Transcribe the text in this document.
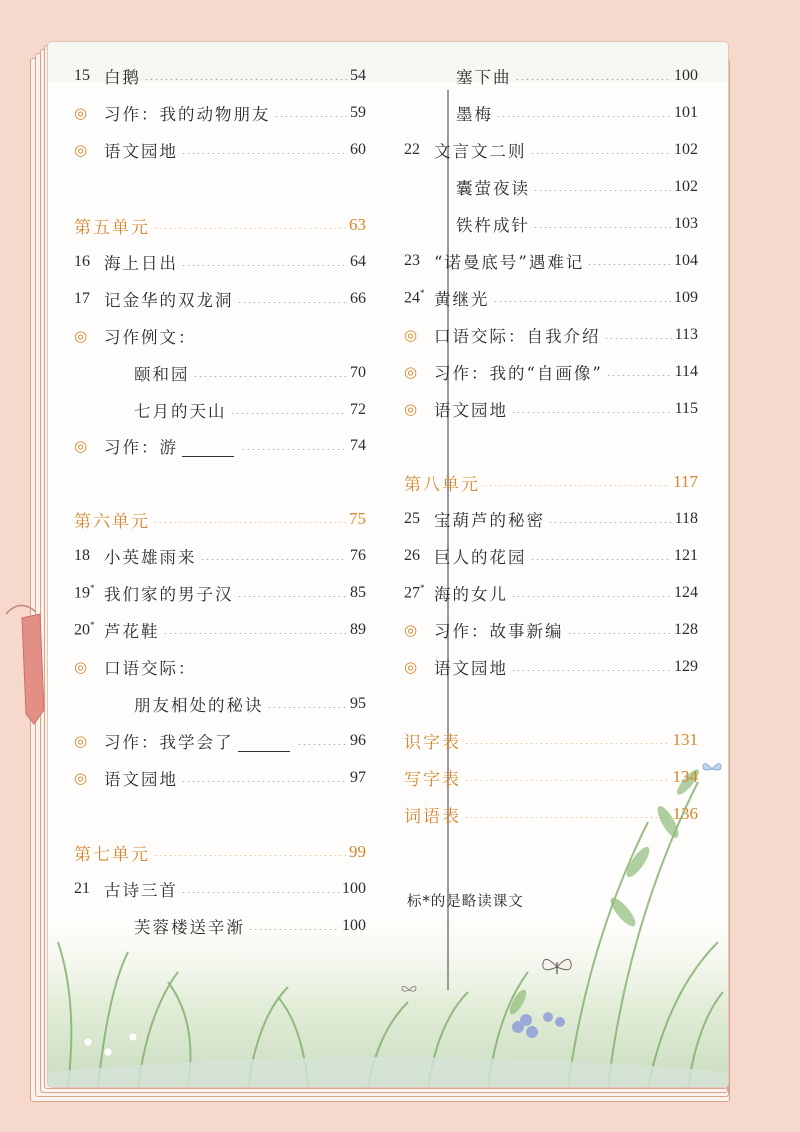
15 白鹅	54
◎	习作：我的动物朋友	59
◎	语文园地	60
第五单元	63
16 海上日出	64
17 记金华的双龙洞	66
◎	习作例文：
颐和园	70
七月的天山	72
◎	习作：游	74
第六单元	75
18 小英雄雨来	76
19* 我们家的男子汉	85
20* 芦花鞋	89
◎	口语交际：
朋友相处的秘诀	95
◎	习作：我学会了	96
◎	语文园地	97
第七单元	99
21 古诗三首	100
芙蓉楼送辛渐	100
塞下曲	100
墨梅	101
22 文言文二则	102
囊萤夜读	102
铁杵成针	103
23 “诺曼底号”遇难记	104
24* 黄继光	109
◎	口语交际：自我介绍	113
◎	习作：我的“自画像”	114
◎	语文园地	115
第八单元	117
25 宝葫芦的秘密	118
26 巨人的花园	121
27* 海的女儿	124
◎	习作：故事新编	128
◎	语文园地	129
识字表	131
写字表	134
词语表	136
标*的是略读课文
